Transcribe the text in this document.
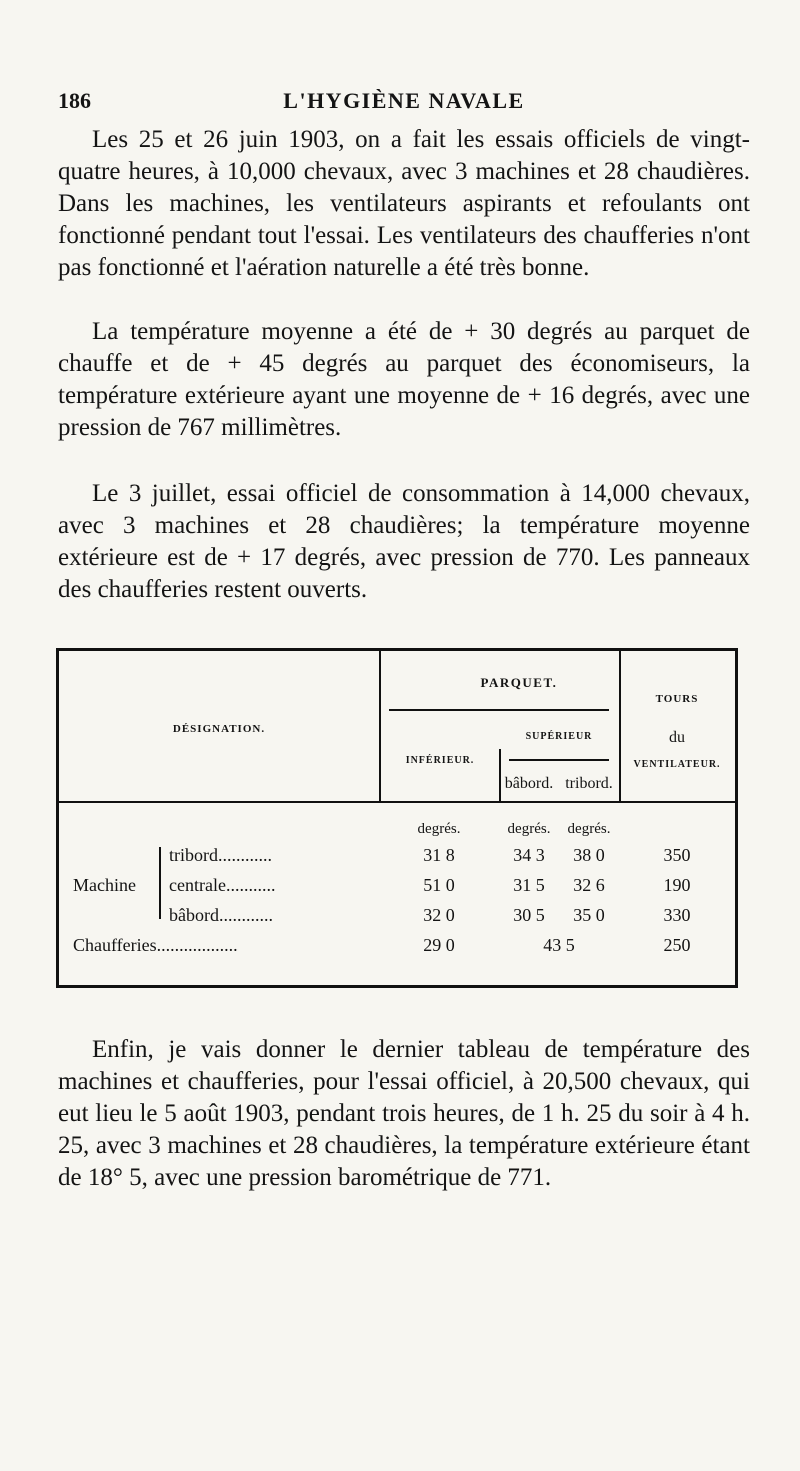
186	L'HYGIÈNE NAVALE

Les 25 et 26 juin 1903, on a fait les essais officiels de vingt-quatre heures, à 10,000 chevaux, avec 3 machines et 28 chaudières. Dans les machines, les ventilateurs aspirants et refoulants ont fonctionné pendant tout l'essai. Les ventilateurs des chaufferies n'ont pas fonctionné et l'aération naturelle a été très bonne.

La température moyenne a été de + 30 degrés au parquet de chauffe et de + 45 degrés au parquet des économiseurs, la température extérieure ayant une moyenne de + 16 degrés, avec une pression de 767 millimètres.

Le 3 juillet, essai officiel de consommation à 14,000 chevaux, avec 3 machines et 28 chaudières; la température moyenne extérieure est de + 17 degrés, avec pression de 770. Les panneaux des chaufferies restent ouverts.

DÉSIGNATION.
PARQUET.
INFÉRIEUR.
SUPÉRIEUR
bâbord. tribord.
TOURS
du
VENTILATEUR.
degrés.	degrés.	degrés.
Machine
tribord............	31 8	34 3	38 0	350
centrale...........	51 0	31 5	32 6	190
bâbord............	32 0	30 5	35 0	330
Chaufferies..................	29 0	43 5	250

Enfin, je vais donner le dernier tableau de température des machines et chaufferies, pour l'essai officiel, à 20,500 chevaux, qui eut lieu le 5 août 1903, pendant trois heures, de 1 h. 25 du soir à 4 h. 25, avec 3 machines et 28 chaudières, la température extérieure étant de 18° 5, avec une pression barométrique de 771.
